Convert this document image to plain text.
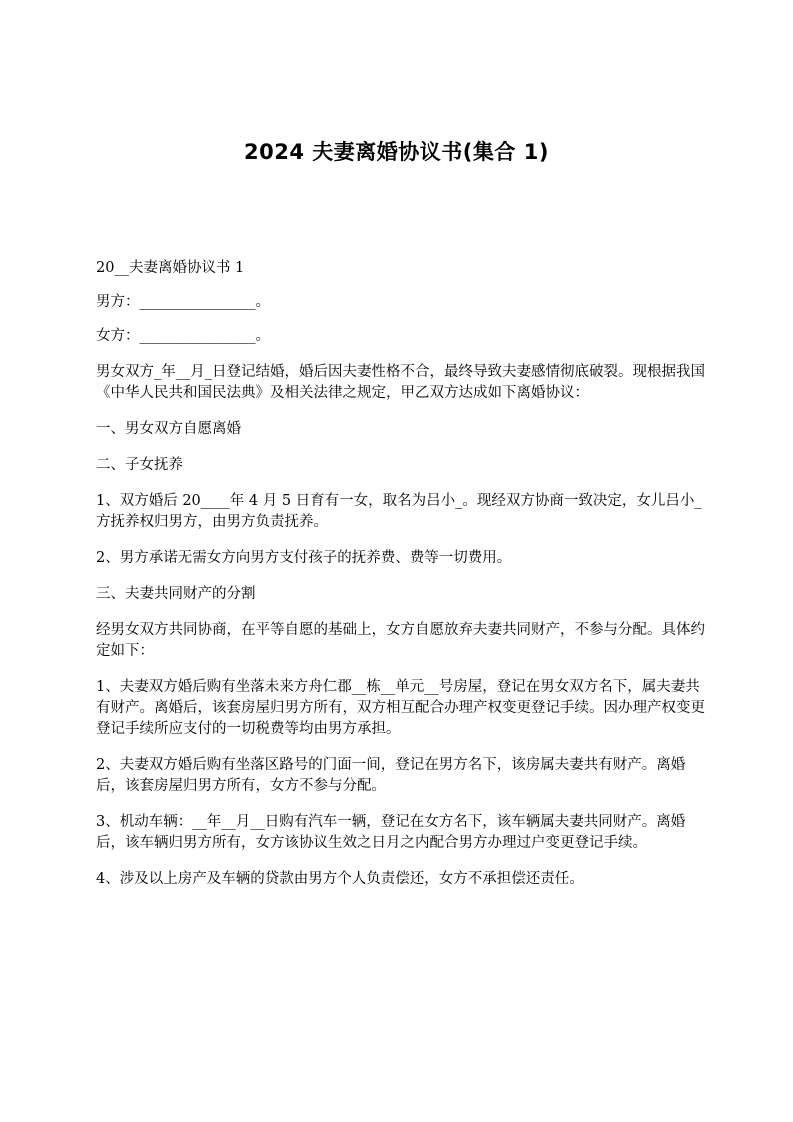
2024 夫妻离婚协议书(集合 1)

20__夫妻离婚协议书 1

男方：________________。

女方：________________。

男女双方_年__月_日登记结婚，婚后因夫妻性格不合，最终导致夫妻感情彻底破裂。现根据我国《中华人民共和国民法典》及相关法律之规定，甲乙双方达成如下离婚协议：

一、男女双方自愿离婚

二、子女抚养

1、双方婚后 20____年 4 月 5 日育有一女，取名为吕小_。现经双方协商一致决定，女儿吕小_方抚养权归男方，由男方负责抚养。

2、男方承诺无需女方向男方支付孩子的抚养费、费等一切费用。

三、夫妻共同财产的分割

经男女双方共同协商，在平等自愿的基础上，女方自愿放弃夫妻共同财产，不参与分配。具体约定如下：

1、夫妻双方婚后购有坐落未来方舟仁郡__栋__单元__号房屋，登记在男女双方名下，属夫妻共有财产。离婚后，该套房屋归男方所有，双方相互配合办理产权变更登记手续。因办理产权变更登记手续所应支付的一切税费等均由男方承担。

2、夫妻双方婚后购有坐落区路号的门面一间，登记在男方名下，该房属夫妻共有财产。离婚后，该套房屋归男方所有，女方不参与分配。

3、机动车辆：__年__月__日购有汽车一辆，登记在女方名下，该车辆属夫妻共同财产。离婚后，该车辆归男方所有，女方该协议生效之日月之内配合男方办理过户变更登记手续。

4、涉及以上房产及车辆的贷款由男方个人负责偿还，女方不承担偿还责任。
